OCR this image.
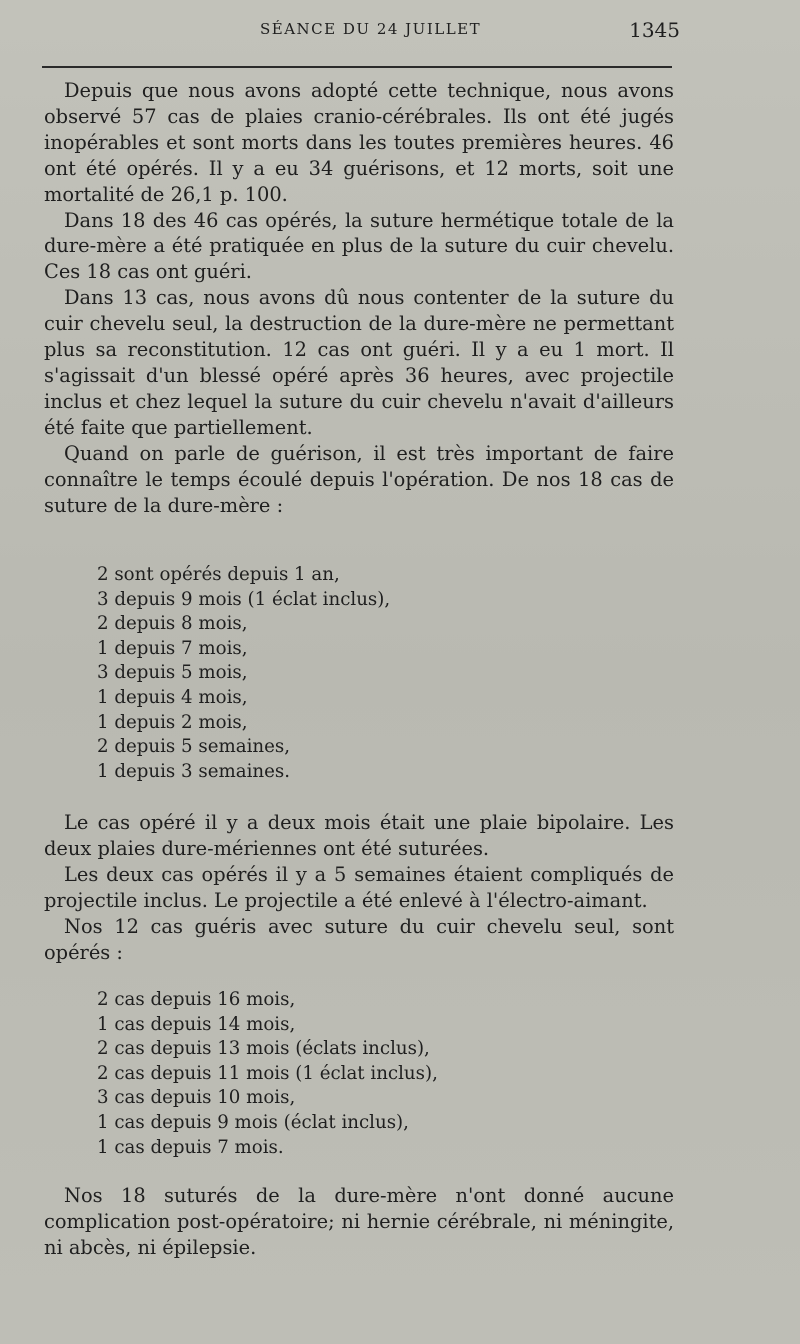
SÉANCE DU 24 JUILLET	1345

Depuis que nous avons adopté cette technique, nous avons observé 57 cas de plaies cranio-cérébrales. Ils ont été jugés inopérables et sont morts dans les toutes premières heures. 46 ont été opérés. Il y a eu 34 guérisons, et 12 morts, soit une mortalité de 26,1 p. 100.

Dans 18 des 46 cas opérés, la suture hermétique totale de la dure-mère a été pratiquée en plus de la suture du cuir chevelu. Ces 18 cas ont guéri.

Dans 13 cas, nous avons dû nous contenter de la suture du cuir chevelu seul, la destruction de la dure-mère ne permettant plus sa reconstitution. 12 cas ont guéri. Il y a eu 1 mort. Il s'agissait d'un blessé opéré après 36 heures, avec projectile inclus et chez lequel la suture du cuir chevelu n'avait d'ailleurs été faite que partiellement.

Quand on parle de guérison, il est très important de faire connaître le temps écoulé depuis l'opération. De nos 18 cas de suture de la dure-mère :

2 sont opérés depuis 1 an,
3 depuis 9 mois (1 éclat inclus),
2 depuis 8 mois,
1 depuis 7 mois,
3 depuis 5 mois,
1 depuis 4 mois,
1 depuis 2 mois,
2 depuis 5 semaines,
1 depuis 3 semaines.

Le cas opéré il y a deux mois était une plaie bipolaire. Les deux plaies dure-mériennes ont été suturées.

Les deux cas opérés il y a 5 semaines étaient compliqués de projectile inclus. Le projectile a été enlevé à l'électro-aimant.

Nos 12 cas guéris avec suture du cuir chevelu seul, sont opérés :

2 cas depuis 16 mois,
1 cas depuis 14 mois,
2 cas depuis 13 mois (éclats inclus),
2 cas depuis 11 mois (1 éclat inclus),
3 cas depuis 10 mois,
1 cas depuis 9 mois (éclat inclus),
1 cas depuis 7 mois.

Nos 18 suturés de la dure-mère n'ont donné aucune complication post-opératoire; ni hernie cérébrale, ni méningite, ni abcès, ni épilepsie.
